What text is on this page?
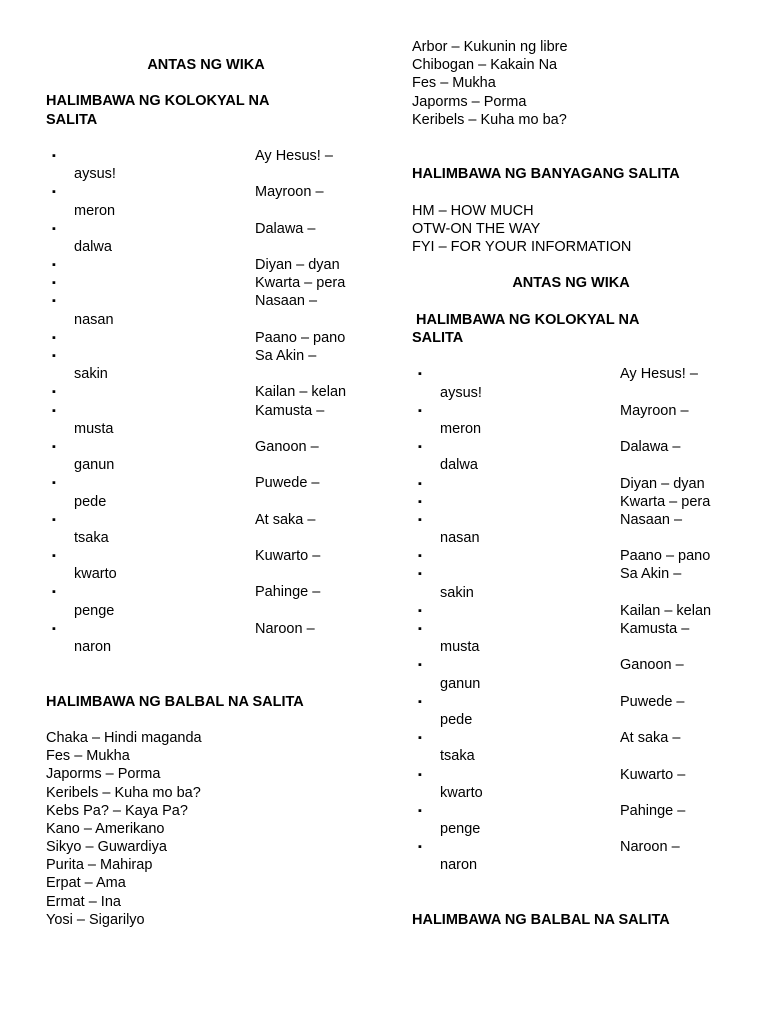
ANTAS NG WIKA
HALIMBAWA NG KOLOKYAL NA
SALITA
▪	Ay Hesus! –
aysus!
▪	Mayroon –
meron
▪	Dalawa –
dalwa
▪	Diyan – dyan
▪	Kwarta – pera
▪	Nasaan –
nasan
▪	Paano – pano
▪	Sa Akin –
sakin
▪	Kailan – kelan
▪	Kamusta –
musta
▪	Ganoon –
ganun
▪	Puwede –
pede
▪	At saka –
tsaka
▪	Kuwarto –
kwarto
▪	Pahinge –
penge
▪	Naroon –
naron
HALIMBAWA NG BALBAL NA SALITA
Chaka – Hindi maganda
Fes – Mukha
Japorms – Porma
Keribels – Kuha mo ba?
Kebs Pa? – Kaya Pa?
Kano – Amerikano
Sikyo – Guwardiya
Purita – Mahirap
Erpat – Ama
Ermat – Ina
Yosi – Sigarilyo
Arbor – Kukunin ng libre
Chibogan – Kakain Na
Fes – Mukha
Japorms – Porma
Keribels – Kuha mo ba?
HALIMBAWA NG BANYAGANG SALITA
HM – HOW MUCH
OTW-ON THE WAY
FYI – FOR YOUR INFORMATION
ANTAS NG WIKA
HALIMBAWA NG KOLOKYAL NA
SALITA
▪	Ay Hesus! –
aysus!
▪	Mayroon –
meron
▪	Dalawa –
dalwa
▪	Diyan – dyan
▪	Kwarta – pera
▪	Nasaan –
nasan
▪	Paano – pano
▪	Sa Akin –
sakin
▪	Kailan – kelan
▪	Kamusta –
musta
▪	Ganoon –
ganun
▪	Puwede –
pede
▪	At saka –
tsaka
▪	Kuwarto –
kwarto
▪	Pahinge –
penge
▪	Naroon –
naron
HALIMBAWA NG BALBAL NA SALITA
